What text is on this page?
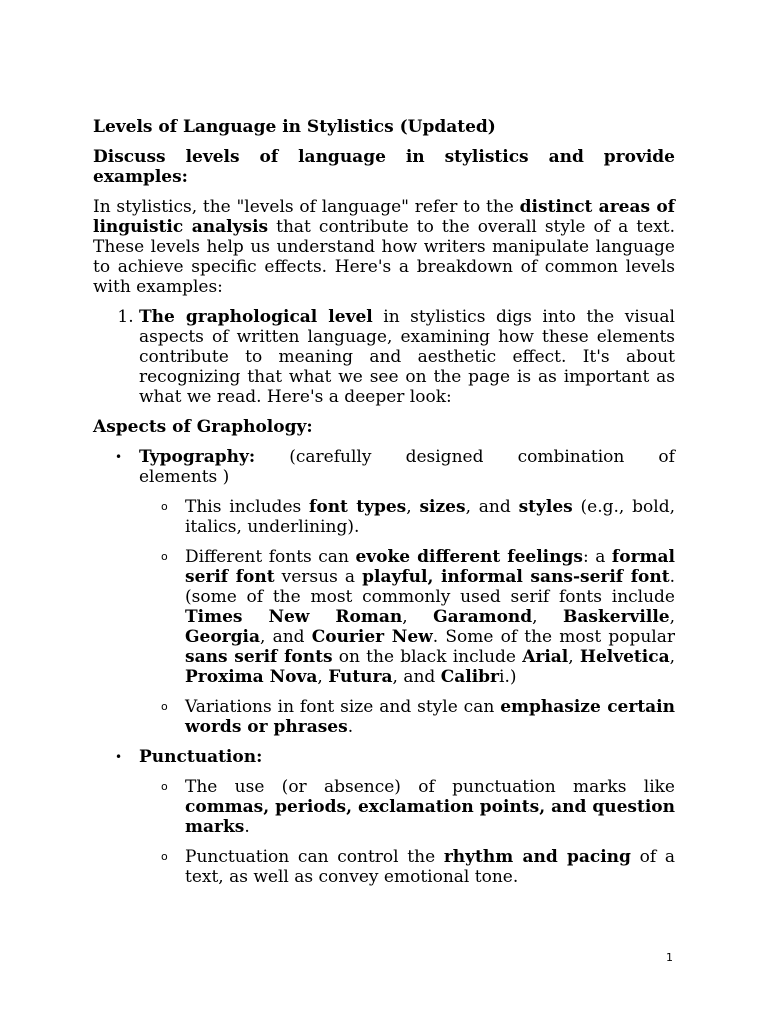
Levels of Language in Stylistics (Updated)
Discuss levels of language in stylistics and provide examples:
In stylistics, the "levels of language" refer to the distinct areas of linguistic analysis that contribute to the overall style of a text. These levels help us understand how writers manipulate language to achieve specific effects. Here's a breakdown of common levels with examples:
1. The graphological level in stylistics digs into the visual aspects of written language, examining how these elements contribute to meaning and aesthetic effect. It's about recognizing that what we see on the page is as important as what we read. Here's a deeper look:
Aspects of Graphology:
• Typography: (carefully designed combination of
elements )
o This includes font types, sizes, and styles (e.g., bold, italics, underlining).
o Different fonts can evoke different feelings: a formal serif font versus a playful, informal sans-serif font. (some of the most commonly used serif fonts include Times New Roman, Garamond, Baskerville, Georgia, and Courier New. Some of the most popular sans serif fonts on the black include Arial, Helvetica, Proxima Nova, Futura, and Calibri.)
o Variations in font size and style can emphasize certain words or phrases.
• Punctuation:
o The use (or absence) of punctuation marks like commas, periods, exclamation points, and question marks.
o Punctuation can control the rhythm and pacing of a text, as well as convey emotional tone.
1
